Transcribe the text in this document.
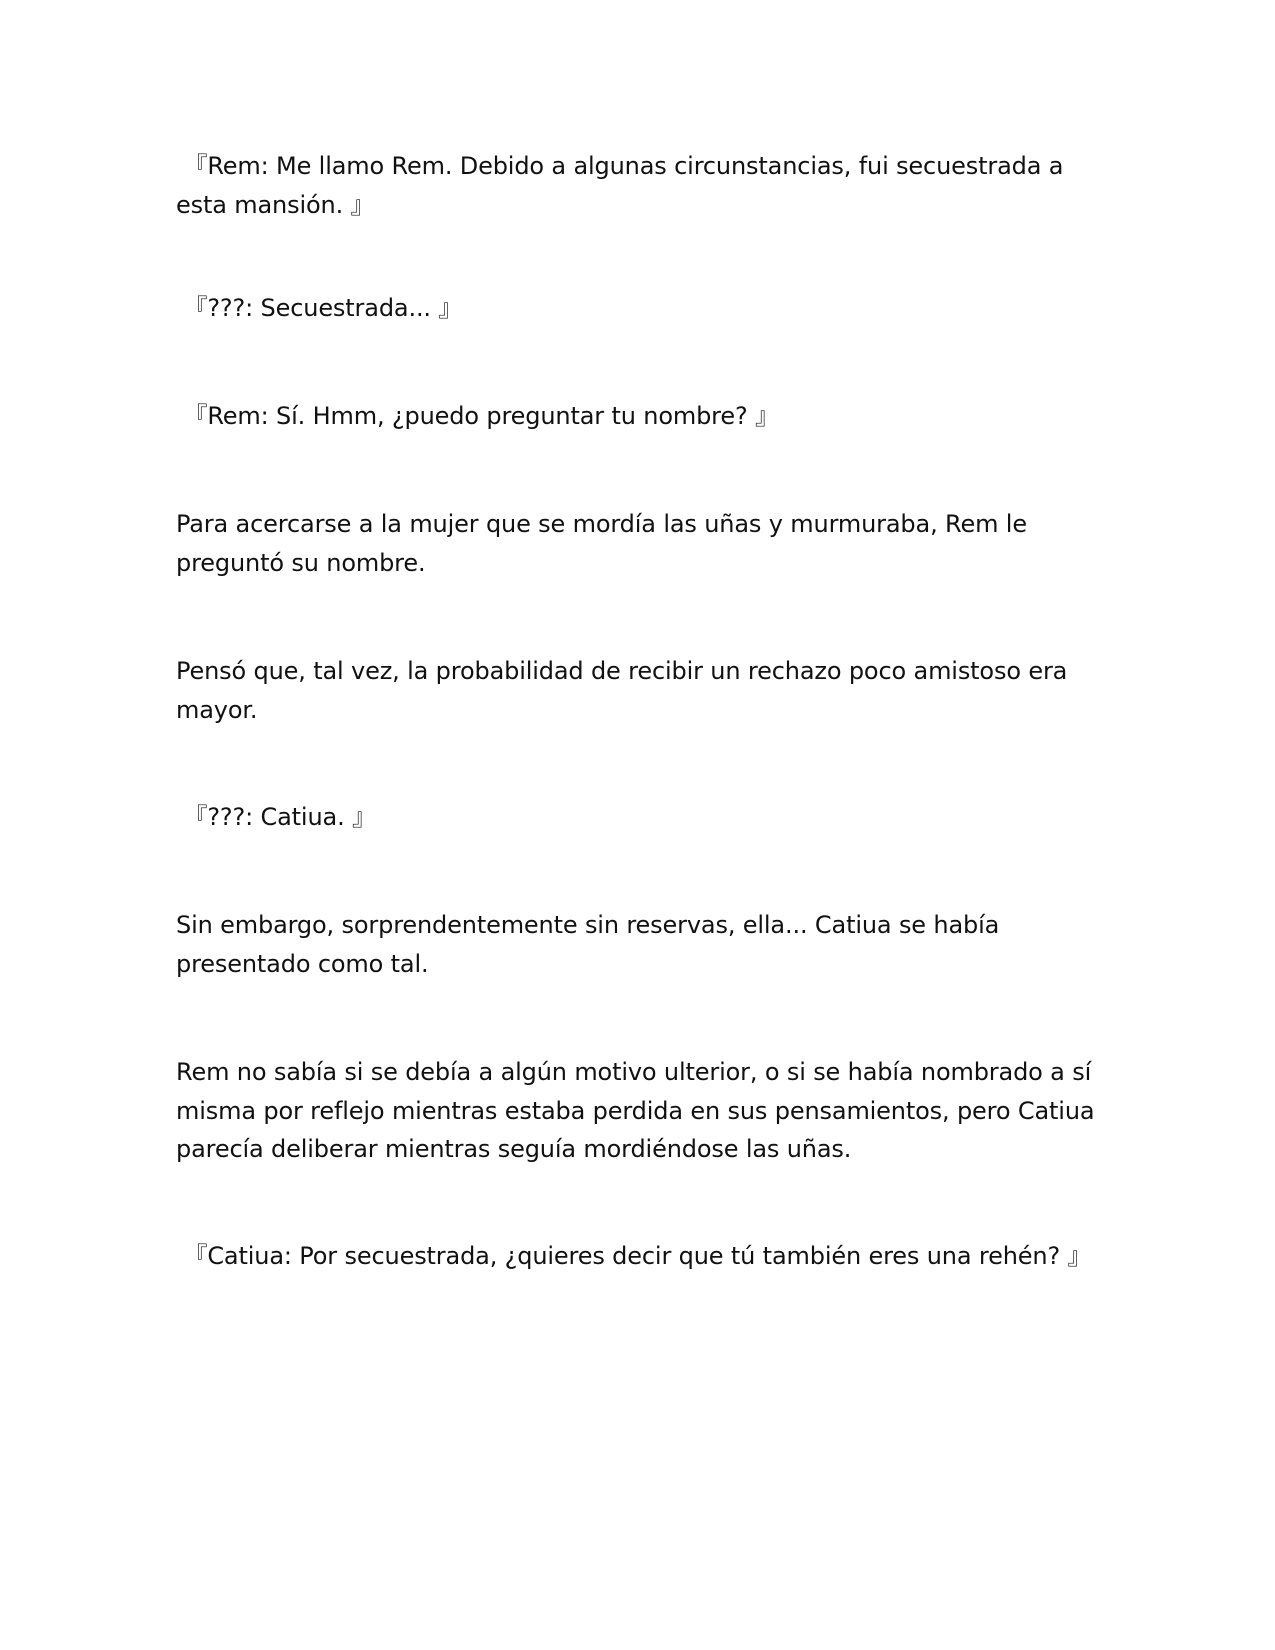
『Rem: Me llamo Rem. Debido a algunas circunstancias, fui secuestrada a esta mansión. 』

『???: Secuestrada... 』

『Rem: Sí. Hmm, ¿puedo preguntar tu nombre? 』

Para acercarse a la mujer que se mordía las uñas y murmuraba, Rem le preguntó su nombre.

Pensó que, tal vez, la probabilidad de recibir un rechazo poco amistoso era mayor.

『???: Catiua. 』

Sin embargo, sorprendentemente sin reservas, ella... Catiua se había presentado como tal.

Rem no sabía si se debía a algún motivo ulterior, o si se había nombrado a sí misma por reflejo mientras estaba perdida en sus pensamientos, pero Catiua parecía deliberar mientras seguía mordiéndose las uñas.

『Catiua: Por secuestrada, ¿quieres decir que tú también eres una rehén? 』
